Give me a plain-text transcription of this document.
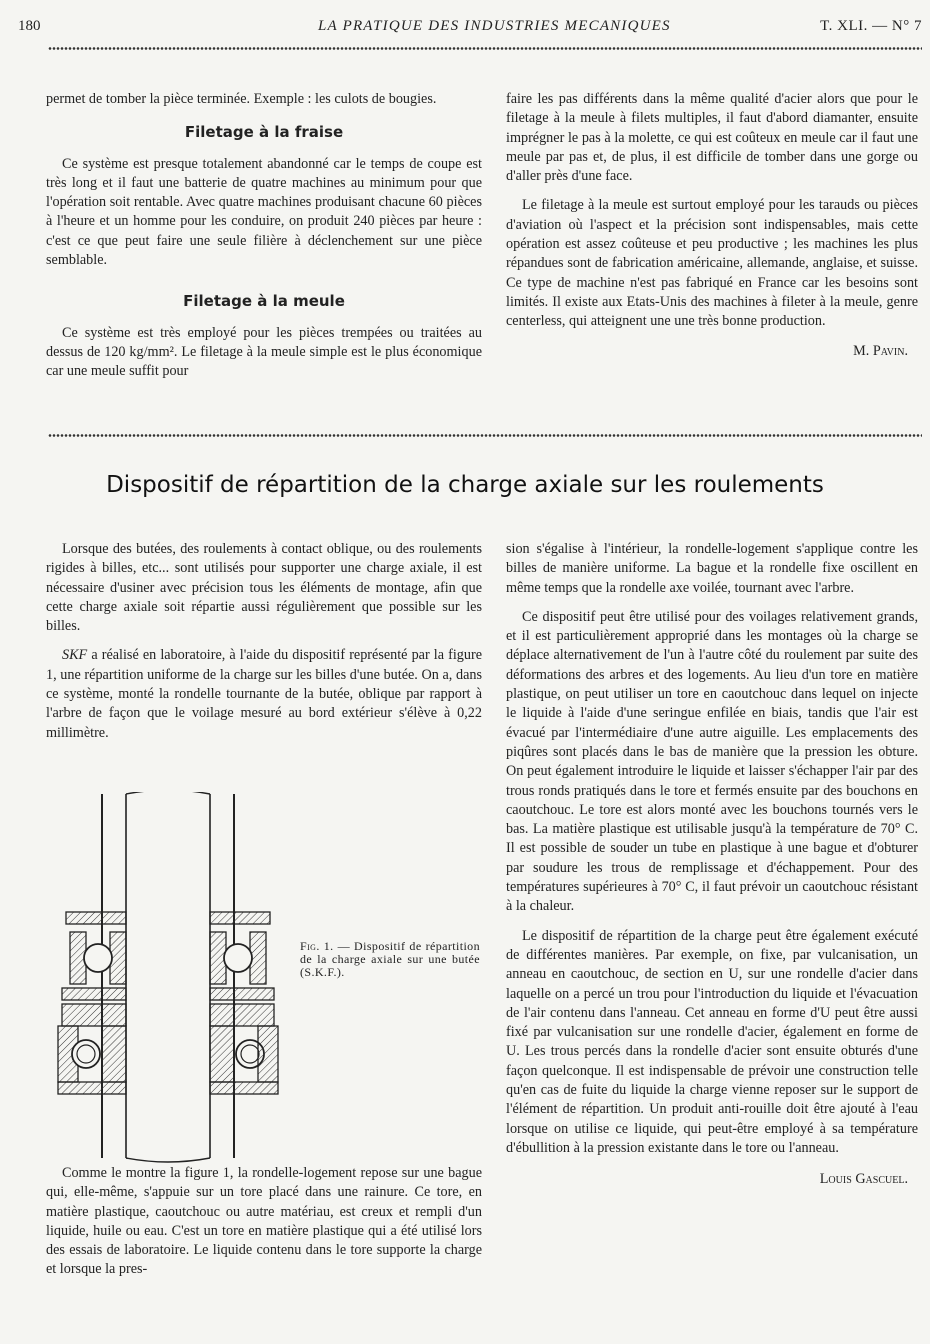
180	LA PRATIQUE DES INDUSTRIES MECANIQUES	T. XLI. — N° 7

permet de tomber la pièce terminée. Exemple : les culots de bougies.

Filetage à la fraise

Ce système est presque totalement abandonné car le temps de coupe est très long et il faut une batterie de quatre machines au minimum pour que l'opération soit rentable. Avec quatre machines produisant chacune 60 pièces à l'heure et un homme pour les conduire, on produit 240 pièces par heure : c'est ce que peut faire une seule filière à déclenchement sur une pièce semblable.

Filetage à la meule

Ce système est très employé pour les pièces trempées ou traitées au dessus de 120 kg/mm². Le filetage à la meule simple est le plus économique car une meule suffit pour

faire les pas différents dans la même qualité d'acier alors que pour le filetage à la meule à filets multiples, il faut d'abord diamanter, ensuite imprégner le pas à la molette, ce qui est coûteux en meule car il faut une meule par pas et, de plus, il est difficile de tomber dans une gorge ou d'aller près d'une face.

Le filetage à la meule est surtout employé pour les tarauds ou pièces d'aviation où l'aspect et la précision sont indispensables, mais cette opération est assez coûteuse et peu productive ; les machines les plus répandues sont de fabrication américaine, allemande, anglaise, et suisse. Ce type de machine n'est pas fabriqué en France car les besoins sont limités. Il existe aux Etats-Unis des machines à fileter à la meule, genre centerless, qui atteignent une une très bonne production.

M. Pavin.
Dispositif de répartition de la charge axiale sur les roulements

Lorsque des butées, des roulements à contact oblique, ou des roulements rigides à billes, etc... sont utilisés pour supporter une charge axiale, il est nécessaire d'usiner avec précision tous les éléments de montage, afin que cette charge axiale soit répartie aussi régulièrement que possible sur les billes.

SKF a réalisé en laboratoire, à l'aide du dispositif représenté par la figure 1, une répartition uniforme de la charge sur les billes d'une butée. On a, dans ce système, monté la rondelle tournante de la butée, oblique par rapport à l'arbre de façon que le voilage mesuré au bord extérieur s'élève à 0,22 millimètre.

Fig. 1. — Dispositif de répartition de la charge axiale sur une butée (S.K.F.).

Comme le montre la figure 1, la rondelle-logement repose sur une bague qui, elle-même, s'appuie sur un tore placé dans une rainure. Ce tore, en matière plastique, caoutchouc ou autre matériau, est creux et rempli d'un liquide, huile ou eau. C'est un tore en matière plastique qui a été utilisé lors des essais de laboratoire. Le liquide contenu dans le tore supporte la charge et lorsque la pres-

sion s'égalise à l'intérieur, la rondelle-logement s'applique contre les billes de manière uniforme. La bague et la rondelle fixe oscillent en même temps que la rondelle axe voilée, tournant avec l'arbre.

Ce dispositif peut être utilisé pour des voilages relativement grands, et il est particulièrement approprié dans les montages où la charge se déplace alternativement de l'un à l'autre côté du roulement par suite des déformations des arbres et des logements. Au lieu d'un tore en matière plastique, on peut utiliser un tore en caoutchouc dans lequel on injecte le liquide à l'aide d'une seringue enfilée en biais, tandis que l'air est évacué par l'intermédiaire d'une autre aiguille. Les emplacements des piqûres sont placés dans le bas de manière que la pression les obture. On peut également introduire le liquide et laisser s'échapper l'air par des trous ronds pratiqués dans le tore et fermés ensuite par des bouchons en caoutchouc. Le tore est alors monté avec les bouchons tournés vers le bas. La matière plastique est utilisable jusqu'à la température de 70° C. Il est possible de souder un tube en plastique à une bague et d'obturer par soudure les trous de remplissage et d'échappement. Pour des températures supérieures à 70° C, il faut prévoir un caoutchouc résistant à la chaleur.

Le dispositif de répartition de la charge peut être également exécuté de différentes manières. Par exemple, on fixe, par vulcanisation, un anneau en caoutchouc, de section en U, sur une rondelle d'acier dans laquelle on a percé un trou pour l'introduction du liquide et l'évacuation de l'air contenu dans l'anneau. Cet anneau en forme d'U peut être aussi fixé par vulcanisation sur une rondelle d'acier, également en forme de U. Les trous percés dans la rondelle d'acier sont ensuite obturés d'une façon quelconque. Il est indispensable de prévoir une construction telle qu'en cas de fuite du liquide la charge vienne reposer sur le support de l'élément de répartition. Un produit anti-rouille doit être ajouté à l'eau lorsque on utilise ce liquide, qui peut-être employé à sa température d'ébullition à la pression existante dans le tore ou l'anneau.

Louis Gascuel.
